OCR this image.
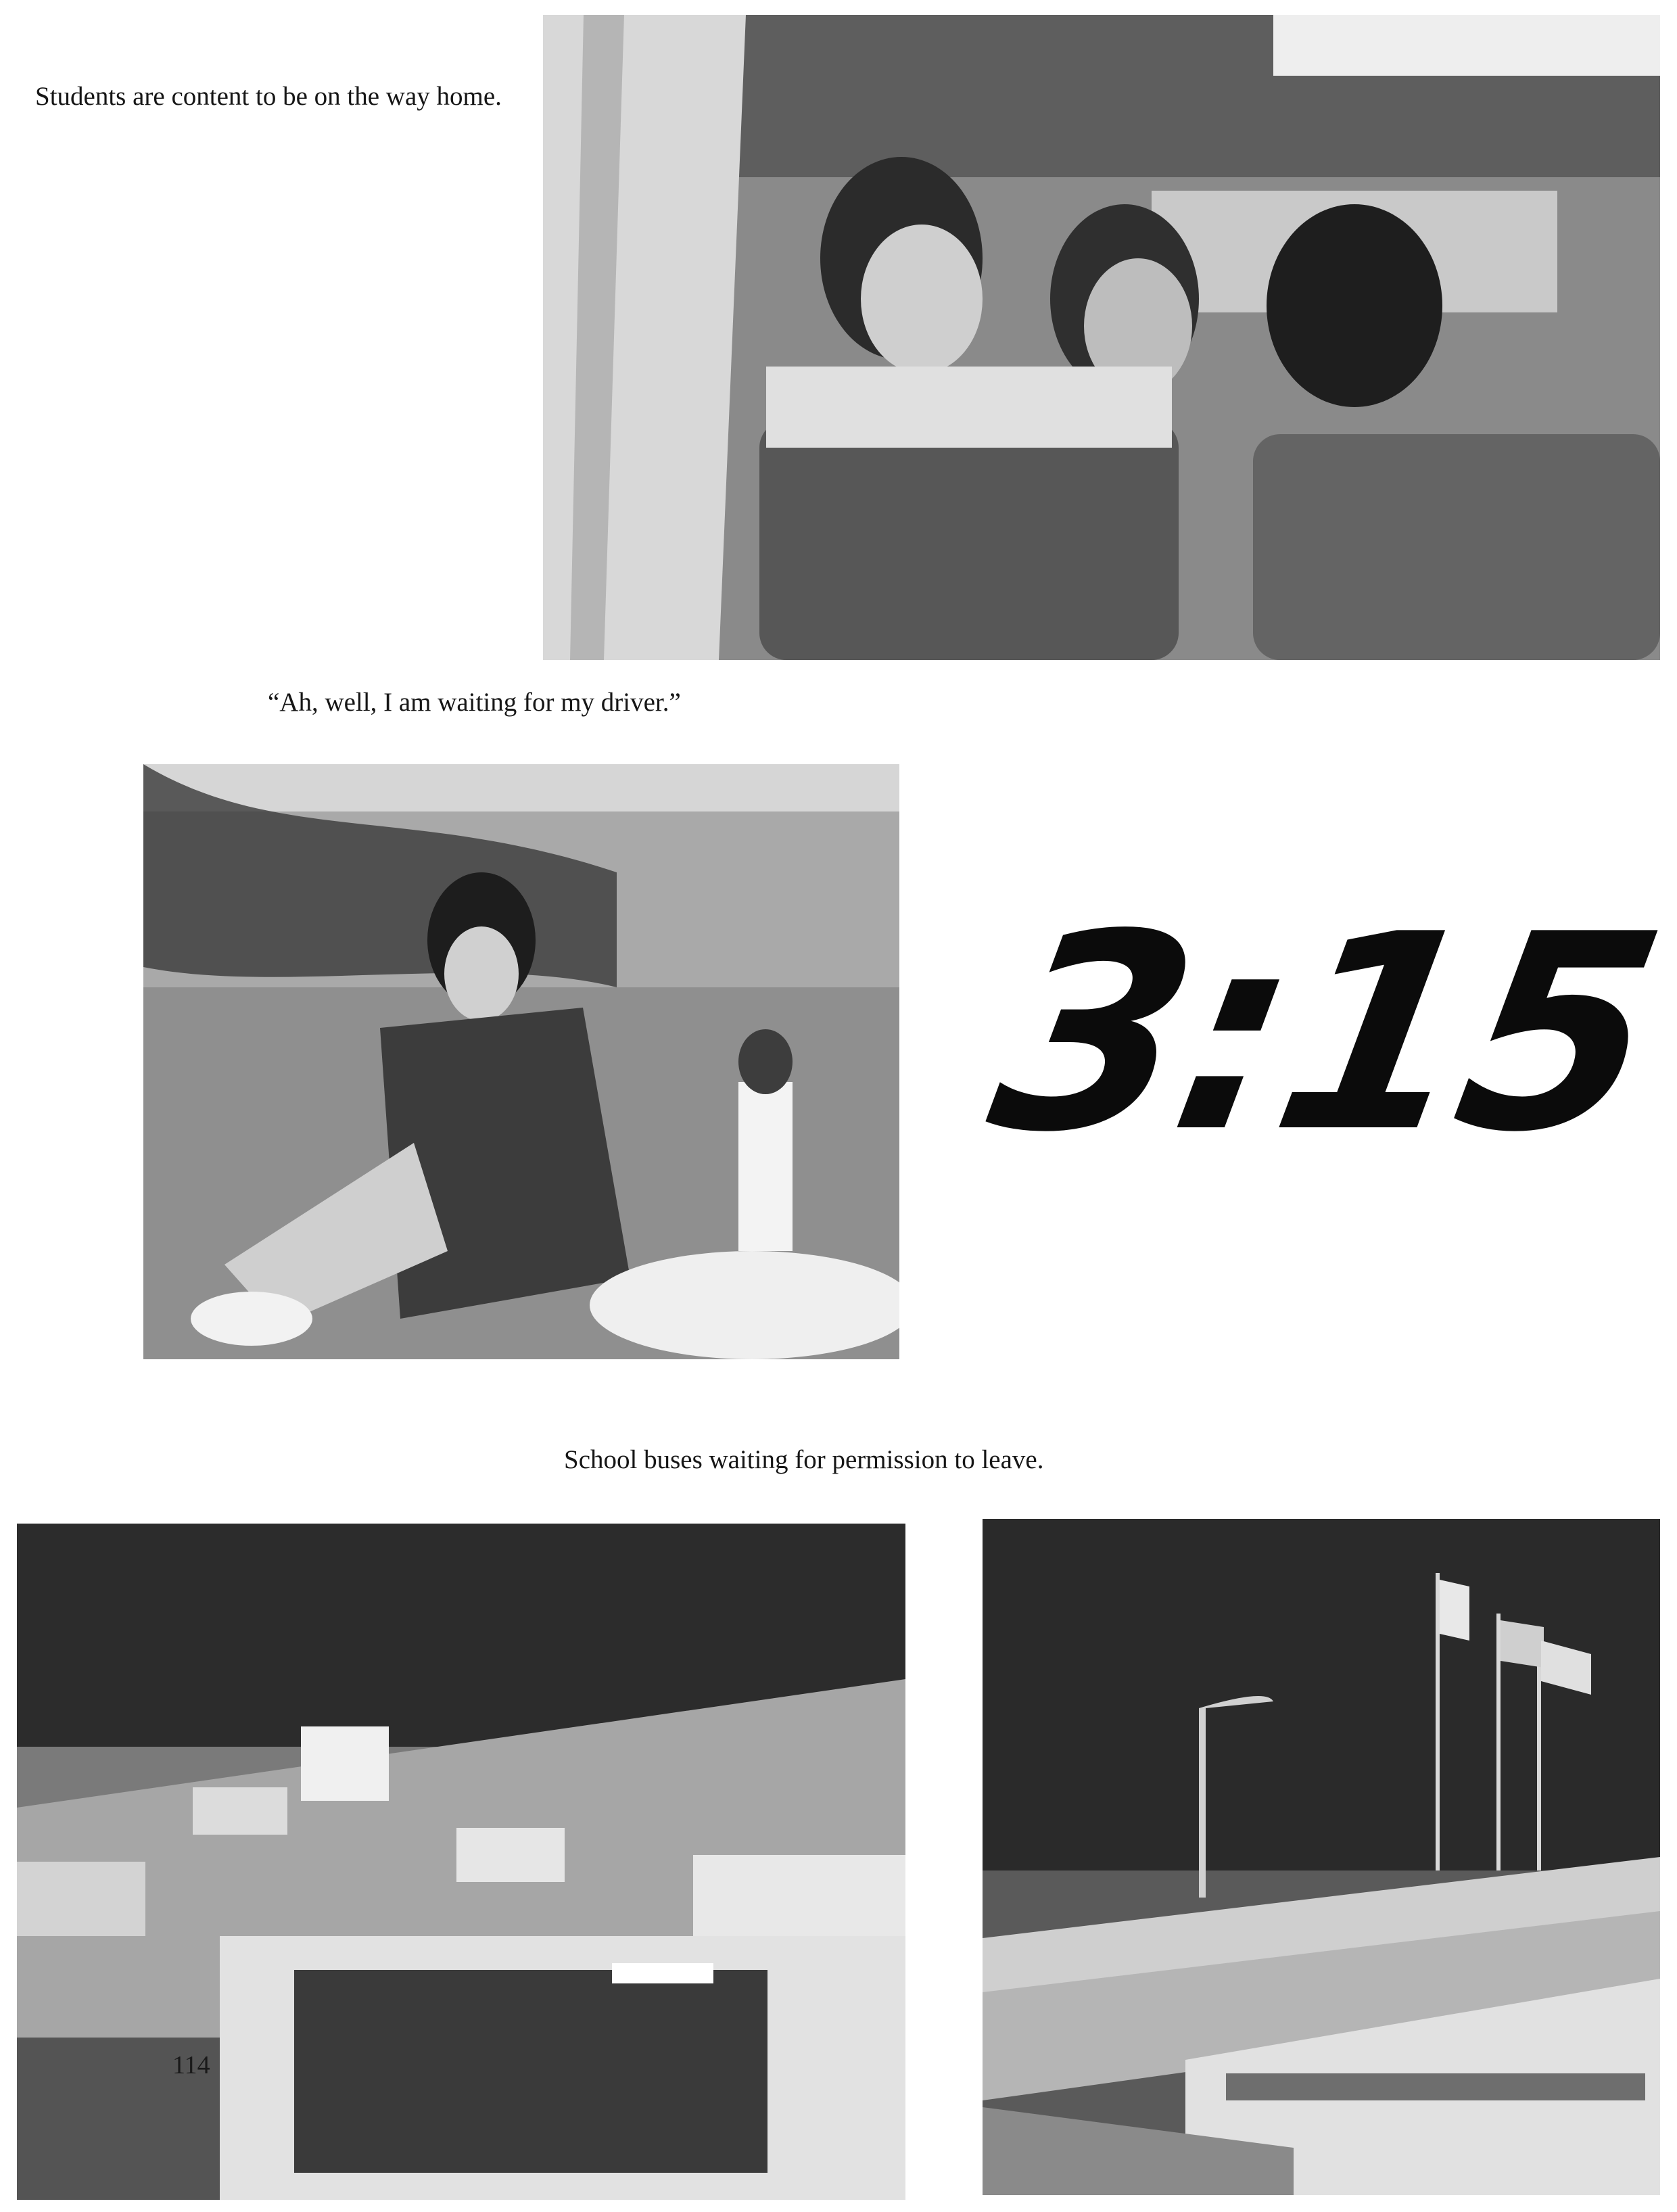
Students are content to be on the way home.
“Ah, well, I am waiting for my driver.”
School buses waiting for permission to leave.
3:15
114
